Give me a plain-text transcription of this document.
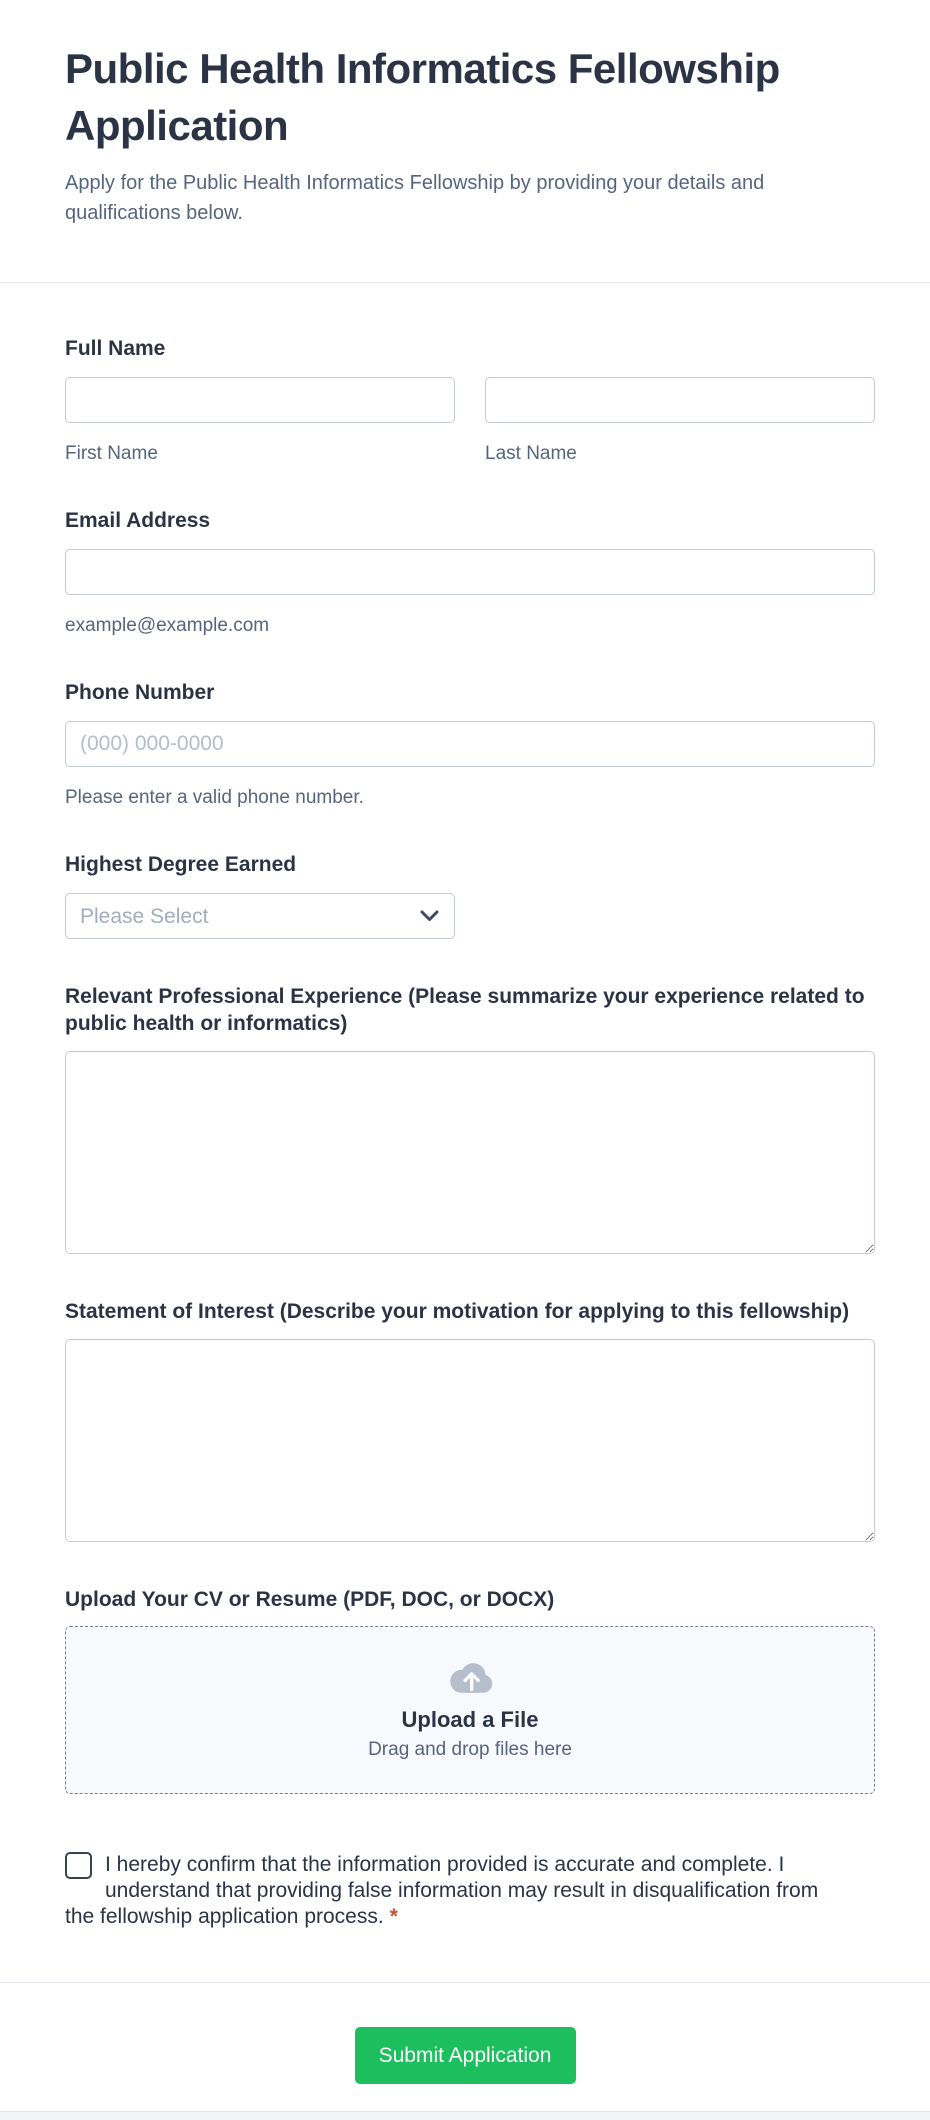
Public Health Informatics Fellowship Application

Apply for the Public Health Informatics Fellowship by providing your details and qualifications below.

Full Name
First Name	Last Name
Email Address
example@example.com
Phone Number
(000) 000-0000
Please enter a valid phone number.
Highest Degree Earned
Please Select
Relevant Professional Experience (Please summarize your experience related to public health or informatics)
Statement of Interest (Describe your motivation for applying to this fellowship)
Upload Your CV or Resume (PDF, DOC, or DOCX)
Upload a File
Drag and drop files here
I hereby confirm that the information provided is accurate and complete. I understand that providing false information may result in disqualification from the fellowship application process. *
Submit Application
